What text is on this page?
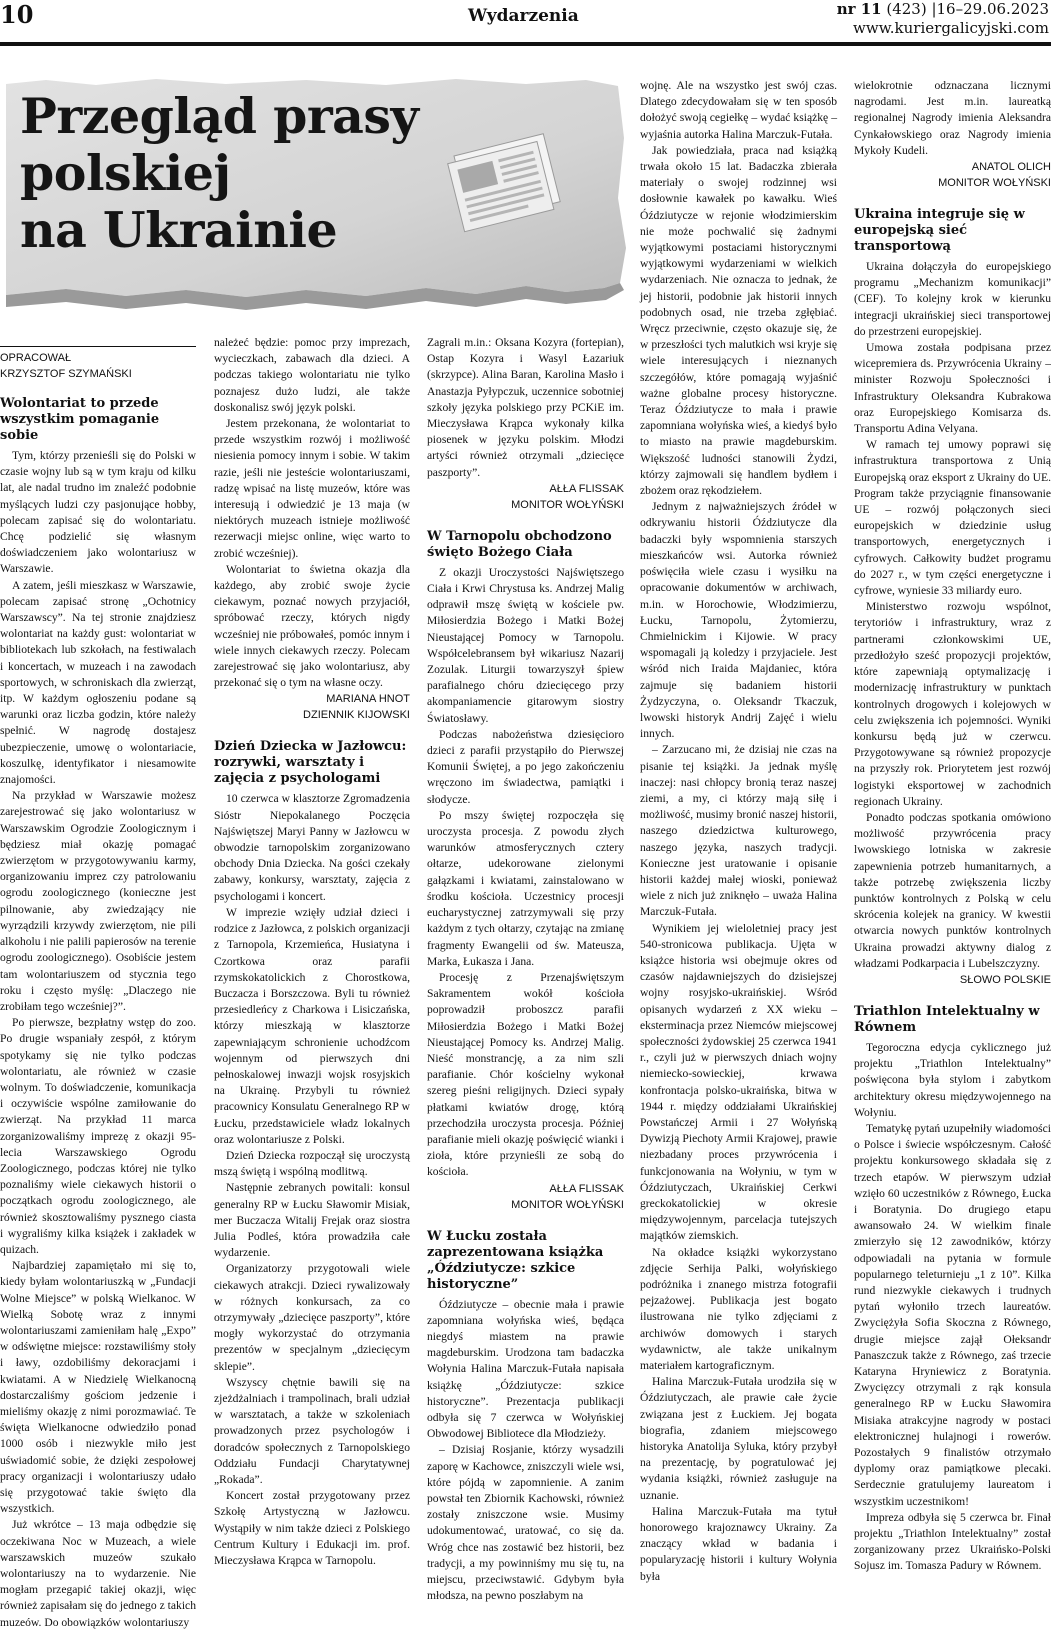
10	Wydarzenia	nr 11 (423) |16–29.06.2023
www.kuriergalicyjski.com
Przegląd prasy
polskiej
na Ukrainie
OPRACOWAŁ
KRZYSZTOF SZYMAŃSKI
Wolontariat to przede wszystkim pomaganie sobie

Tym, którzy przenieśli się do Polski w czasie wojny lub są w tym kraju od kilku lat, ale nadal trudno im znaleźć podobnie myślących ludzi czy pasjonujące hobby, polecam zapisać się do wolontariatu. Chcę podzielić się własnym doświadczeniem jako wolontariusz w Warszawie.

A zatem, jeśli mieszkasz w Warszawie, polecam zapisać stronę „Ochotnicy Warszawscy”. Na tej stronie znajdziesz wolontariat na każdy gust: wolontariat w bibliotekach lub szkołach, na festiwalach i koncertach, w muzeach i na zawodach sportowych, w schroniskach dla zwierząt, itp. W każdym ogłoszeniu podane są warunki oraz liczba godzin, które należy spełnić. W nagrodę dostajesz ubezpieczenie, umowę o wolontariacie, koszulkę, identyfikator i niesamowite znajomości.

Na przykład w Warszawie możesz zarejestrować się jako wolontariusz w Warszawskim Ogrodzie Zoologicznym i będziesz miał okazję pomagać zwierzętom w przygotowywaniu karmy, organizowaniu imprez czy patrolowaniu ogrodu zoologicznego (konieczne jest pilnowanie, aby zwiedzający nie wyrządzili krzywdy zwierzętom, nie pili alkoholu i nie palili papierosów na terenie ogrodu zoologicznego). Osobiście jestem tam wolontariuszem od stycznia tego roku i często myślę: „Dlaczego nie zrobiłam tego wcześniej?”.

Po pierwsze, bezpłatny wstęp do zoo. Po drugie wspaniały zespół, z którym spotykamy się nie tylko podczas wolontariatu, ale również w czasie wolnym. To doświadczenie, komunikacja i oczywiście wspólne zamiłowanie do zwierząt. Na przykład 11 marca zorganizowaliśmy imprezę z okazji 95-lecia Warszawskiego Ogrodu Zoologicznego, podczas której nie tylko poznaliśmy wiele ciekawych historii o początkach ogrodu zoologicznego, ale również skosztowaliśmy pysznego ciasta i wygraliśmy kilka książek i zakładek w quizach.

Najbardziej zapamiętało mi się to, kiedy byłam wolontariuszką w „Fundacji Wolne Miejsce” w polską Wielkanoc. W Wielką Sobotę wraz z innymi wolontariuszami zamieniłam halę „Expo” w odświętne miejsce: rozstawiliśmy stoły i ławy, ozdobiliśmy dekoracjami i kwiatami. A w Niedzielę Wielkanocną dostarczaliśmy gościom jedzenie i mieliśmy okazję z nimi porozmawiać. Te święta Wielkanocne odwiedziło ponad 1000 osób i niezwykle miło jest uświadomić sobie, że dzięki zespołowej pracy organizacji i wolontariuszy udało się przygotować takie święto dla wszystkich.

Już wkrótce – 13 maja odbędzie się oczekiwana Noc w Muzeach, a wiele warszawskich muzeów szukało wolontariuszy na to wydarzenie. Nie mogłam przegapić takiej okazji, więc również zapisałam się do jednego z takich muzeów. Do obowiązków wolontariuszy

należeć będzie: pomoc przy imprezach, wycieczkach, zabawach dla dzieci. A podczas takiego wolontariatu nie tylko poznajesz dużo ludzi, ale także doskonalisz swój język polski.

Jestem przekonana, że wolontariat to przede wszystkim rozwój i możliwość niesienia pomocy innym i sobie. W takim razie, jeśli nie jesteście wolontariuszami, radzę wpisać na listę muzeów, które was interesują i odwiedzić je 13 maja (w niektórych muzeach istnieje możliwość rezerwacji miejsc online, więc warto to zrobić wcześniej).

Wolontariat to świetna okazja dla każdego, aby zrobić swoje życie ciekawym, poznać nowych przyjaciół, spróbować rzeczy, których nigdy wcześniej nie próbowałeś, pomóc innym i wiele innych ciekawych rzeczy. Polecam zarejestrować się jako wolontariusz, aby przekonać się o tym na własne oczy.

MARIANA HNOT
DZIENNIK KIJOWSKI
Dzień Dziecka w Jazłowcu: rozrywki, warsztaty i zajęcia z psychologami

10 czerwca w klasztorze Zgromadzenia Sióstr Niepokalanego Poczęcia Najświętszej Maryi Panny w Jazłowcu w obwodzie tarnopolskim zorganizowano obchody Dnia Dziecka. Na gości czekały zabawy, konkursy, warsztaty, zajęcia z psychologami i koncert.

W imprezie wzięły udział dzieci i rodzice z Jazłowca, z polskich organizacji z Tarnopola, Krzemieńca, Husiatyna i Czortkowa oraz parafii rzymskokatolickich z Chorostkowa, Buczacza i Borszczowa. Byli tu również przesiedleńcy z Charkowa i Lisiczańska, którzy mieszkają w klasztorze zapewniającym schronienie uchodźcom wojennym od pierwszych dni pełnoskalowej inwazji wojsk rosyjskich na Ukrainę. Przybyli tu również pracownicy Konsulatu Generalnego RP w Łucku, przedstawiciele władz lokalnych oraz wolontariusze z Polski.

Dzień Dziecka rozpoczął się uroczystą mszą świętą i wspólną modlitwą.

Następnie zebranych powitali: konsul generalny RP w Łucku Sławomir Misiak, mer Buczacza Witalij Frejak oraz siostra Julia Podleś, która prowadziła całe wydarzenie.

Organizatorzy przygotowali wiele ciekawych atrakcji. Dzieci rywalizowały w różnych konkursach, za co otrzymywały „dziecięce paszporty”, które mogły wykorzystać do otrzymania prezentów w specjalnym „dziecięcym sklepie”.

Wszyscy chętnie bawili się na zjeżdżalniach i trampolinach, brali udział w warsztatach, a także w szkoleniach prowadzonych przez psychologów i doradców społecznych z Tarnopolskiego Oddziału Fundacji Charytatywnej „Rokada”.

Koncert został przygotowany przez Szkołę Artystyczną w Jazłowcu. Wystąpiły w nim także dzieci z Polskiego Centrum Kultury i Edukacji im. prof. Mieczysława Krąpca w Tarnopolu.

Zagrali m.in.: Oksana Kozyra (fortepian), Ostap Kozyra i Wasyl Łazariuk (skrzypce). Alina Baran, Karolina Masło i Anastazja Pyłypczuk, uczennice sobotniej szkoły języka polskiego przy PCKiE im. Mieczysława Krąpca wykonały kilka piosenek w języku polskim. Młodzi artyści również otrzymali „dziecięce paszporty”.

AŁŁA FLISSAK
MONITOR WOŁYŃSKI
W Tarnopolu obchodzono święto Bożego Ciała

Z okazji Uroczystości Najświętszego Ciała i Krwi Chrystusa ks. Andrzej Malig odprawił mszę świętą w kościele pw. Miłosierdzia Bożego i Matki Bożej Nieustającej Pomocy w Tarnopolu. Współcelebransem był wikariusz Nazarij Zozulak. Liturgii towarzyszył śpiew parafialnego chóru dziecięcego przy akompaniamencie gitarowym siostry Światosławy.

Podczas nabożeństwa dziesięcioro dzieci z parafii przystąpiło do Pierwszej Komunii Świętej, a po jego zakończeniu wręczono im świadectwa, pamiątki i słodycze.

Po mszy świętej rozpoczęła się uroczysta procesja. Z powodu złych warunków atmosferycznych cztery ołtarze, udekorowane zielonymi gałązkami i kwiatami, zainstalowano w środku kościoła. Uczestnicy procesji eucharystycznej zatrzymywali się przy każdym z tych ołtarzy, czytając na zmianę fragmenty Ewangelii od św. Mateusza, Marka, Łukasza i Jana.

Procesję z Przenajświętszym Sakramentem wokół kościoła poprowadził proboszcz parafii Miłosierdzia Bożego i Matki Bożej Nieustającej Pomocy ks. Andrzej Malig. Nieść monstrancję, a za nim szli parafianie. Chór kościelny wykonał szereg pieśni religijnych. Dzieci sypały płatkami kwiatów drogę, którą przechodziła uroczysta procesja. Później parafianie mieli okazję poświęcić wianki i zioła, które przynieśli ze sobą do kościoła.

AŁŁA FLISSAK
MONITOR WOŁYŃSKI
W Łucku została zaprezentowana książka „Óździutycze: szkice historyczne”

Óździutycze – obecnie mała i prawie zapomniana wołyńska wieś, będąca niegdyś miastem na prawie magdeburskim. Urodzona tam badaczka Wołynia Halina Marczuk-Futała napisała książkę „Óździutycze: szkice historyczne”. Prezentacja publikacji odbyła się 7 czerwca w Wołyńskiej Obwodowej Bibliotece dla Młodzieży.

– Dzisiaj Rosjanie, którzy wysadzili zaporę w Kachowce, zniszczyli wiele wsi, które pójdą w zapomnienie. A zanim powstał ten Zbiornik Kachowski, również zostały zniszczone wsie. Musimy udokumentować, uratować, co się da. Wróg chce nas zostawić bez historii, bez tradycji, a my powinniśmy mu się tu, na miejscu, przeciwstawić. Gdybym była młodsza, na pewno poszłabym na

wojnę. Ale na wszystko jest swój czas. Dlatego zdecydowałam się w ten sposób dołożyć swoją cegiełkę – wydać książkę – wyjaśnia autorka Halina Marczuk-Futała.

Jak powiedziała, praca nad książką trwała około 15 lat. Badaczka zbierała materiały o swojej rodzinnej wsi dosłownie kawałek po kawałku. Wieś Óździutycze w rejonie włodzimierskim nie może pochwalić się żadnymi wyjątkowymi postaciami historycznymi wyjątkowymi wydarzeniami w wielkich wydarzeniach. Nie oznacza to jednak, że jej historii, podobnie jak historii innych podobnych osad, nie trzeba zgłębiać. Wręcz przeciwnie, często okazuje się, że w przeszłości tych malutkich wsi kryje się wiele interesujących i nieznanych szczegółów, które pomagają wyjaśnić ważne globalne procesy historyczne. Teraz Óździutycze to mała i prawie zapomniana wołyńska wieś, a kiedyś było to miasto na prawie magdeburskim. Większość ludności stanowili Żydzi, którzy zajmowali się handlem bydłem i zbożem oraz rękodziełem.

Jednym z najważniejszych źródeł w odkrywaniu historii Óździutycze dla badaczki były wspomnienia starszych mieszkańców wsi. Autorka również poświęciła wiele czasu i wysiłku na opracowanie dokumentów w archiwach, m.in. w Horochowie, Włodzimierzu, Łucku, Tarnopolu, Żytomierzu, Chmielnickim i Kijowie. W pracy wspomagali ją koledzy i przyjaciele. Jest wśród nich Iraida Majdaniec, która zajmuje się badaniem historii Żydzyczyna, o. Oleksandr Tkaczuk, lwowski historyk Andrij Zajęć i wielu innych.

– Zarzucano mi, że dzisiaj nie czas na pisanie tej książki. Ja jednak myślę inaczej: nasi chłopcy bronią teraz naszej ziemi, a my, ci którzy mają siłę i możliwość, musimy bronić naszej historii, naszego dziedzictwa kulturowego, naszego języka, naszych tradycji. Konieczne jest uratowanie i opisanie historii każdej małej wioski, ponieważ wiele z nich już zniknęło – uważa Halina Marczuk-Futała.

Wynikiem jej wieloletniej pracy jest 540-stronicowa publikacja. Ujęta w książce historia wsi obejmuje okres od czasów najdawniejszych do dzisiejszej wojny rosyjsko-ukraińskiej. Wśród opisanych wydarzeń z XX wieku – eksterminacja przez Niemców miejscowej społeczności żydowskiej 25 czerwca 1941 r., czyli już w pierwszych dniach wojny niemiecko-sowieckiej, krwawa konfrontacja polsko-ukraińska, bitwa w 1944 r. między oddziałami Ukraińskiej Powstańczej Armii i 27 Wołyńską Dywizją Piechoty Armii Krajowej, prawie niezbadany proces przywrócenia i funkcjonowania na Wołyniu, w tym w Óździutyczach, Ukraińskiej Cerkwi greckokatolickiej w okresie międzywojennym, parcelacja tutejszych majątków ziemskich.

Na okładce książki wykorzystano zdjęcie Serhija Palki, wołyńskiego podróżnika i znanego mistrza fotografii pejzażowej. Publikacja jest bogato ilustrowana nie tylko zdjęciami z archiwów domowych i starych wydawnictw, ale także unikalnym materiałem kartograficznym.

Halina Marczuk-Futała urodziła się w Óździutyczach, ale prawie całe życie związana jest z Łuckiem. Jej bogata biografia, zdaniem miejscowego historyka Anatolija Syluka, który przybył na prezentację, by pogratulować jej wydania książki, również zasługuje na uznanie.

Halina Marczuk-Futała ma tytuł honorowego krajoznawcy Ukrainy. Za znaczący wkład w badania i popularyzację historii i kultury Wołynia była

wielokrotnie odznaczana licznymi nagrodami. Jest m.in. laureatką regionalnej Nagrody imienia Aleksandra Cynkałowskiego oraz Nagrody imienia Mykoły Kudeli.

ANATOL OLICH
MONITOR WOŁYŃSKI
Ukraina integruje się w europejską sieć transportową

Ukraina dołączyła do europejskiego programu „Mechanizm komunikacji” (CEF). To kolejny krok w kierunku integracji ukraińskiej sieci transportowej do przestrzeni europejskiej.

Umowa została podpisana przez wicepremiera ds. Przywrócenia Ukrainy – minister Rozwoju Społeczności i Infrastruktury Oleksandra Kubrakowa oraz Europejskiego Komisarza ds. Transportu Adina Velyana.

W ramach tej umowy poprawi się infrastruktura transportowa z Unią Europejską oraz eksport z Ukrainy do UE. Program także przyciągnie finansowanie UE – rozwój połączonych sieci europejskich w dziedzinie usług transportowych, energetycznych i cyfrowych. Całkowity budżet programu do 2027 r., w tym części energetyczne i cyfrowe, wyniesie 33 miliardy euro.

Ministerstwo rozwoju wspólnot, terytoriów i infrastruktury, wraz z partnerami członkowskimi UE, przedłożyło sześć propozycji projektów, które zapewniają optymalizację i modernizację infrastruktury w punktach kontrolnych drogowych i kolejowych w celu zwiększenia ich pojemności. Wyniki konkursu będą już w czerwcu. Przygotowywane są również propozycje na przyszły rok. Priorytetem jest rozwój logistyki eksportowej w zachodnich regionach Ukrainy.

Ponadto podczas spotkania omówiono możliwość przywrócenia pracy lwowskiego lotniska w zakresie zapewnienia potrzeb humanitarnych, a także potrzebę zwiększenia liczby punktów kontrolnych z Polską w celu skrócenia kolejek na granicy. W kwestii otwarcia nowych punktów kontrolnych Ukraina prowadzi aktywny dialog z władzami Podkarpacia i Lubelszczyzny.

SŁOWO POLSKIE
Triathlon Intelektualny w Równem

Tegoroczna edycja cyklicznego już projektu „Triathlon Intelektualny” poświęcona była stylom i zabytkom architektury okresu międzywojennego na Wołyniu.

Tematykę pytań uzupełniły wiadomości o Polsce i świecie współczesnym. Całość projektu konkursowego składała się z trzech etapów. W pierwszym udział wzięło 60 uczestników z Równego, Łucka i Boratynia. Do drugiego etapu awansowało 24. W wielkim finale zmierzyło się 12 zawodników, którzy odpowiadali na pytania w formule popularnego teleturnieju „1 z 10”. Kilka rund niezwykle ciekawych i trudnych pytań wyłoniło trzech laureatów. Zwyciężyła Sofia Skoczna z Równego, drugie miejsce zajął Ołeksandr Panaszczuk także z Równego, zaś trzecie Kataryna Hryniewicz z Boratynia. Zwycięzcy otrzymali z rąk konsula generalnego RP w Łucku Sławomira Misiaka atrakcyjne nagrody w postaci elektronicznej hulajnogi i rowerów. Pozostałych 9 finalistów otrzymało dyplomy oraz pamiątkowe plecaki. Serdecznie gratulujemy laureatom i wszystkim uczestnikom!

Impreza odbyła się 5 czerwca br. Finał projektu „Triathlon Intelektualny” został zorganizowany przez Ukraińsko-Polski Sojusz im. Tomasza Padury w Równem.
